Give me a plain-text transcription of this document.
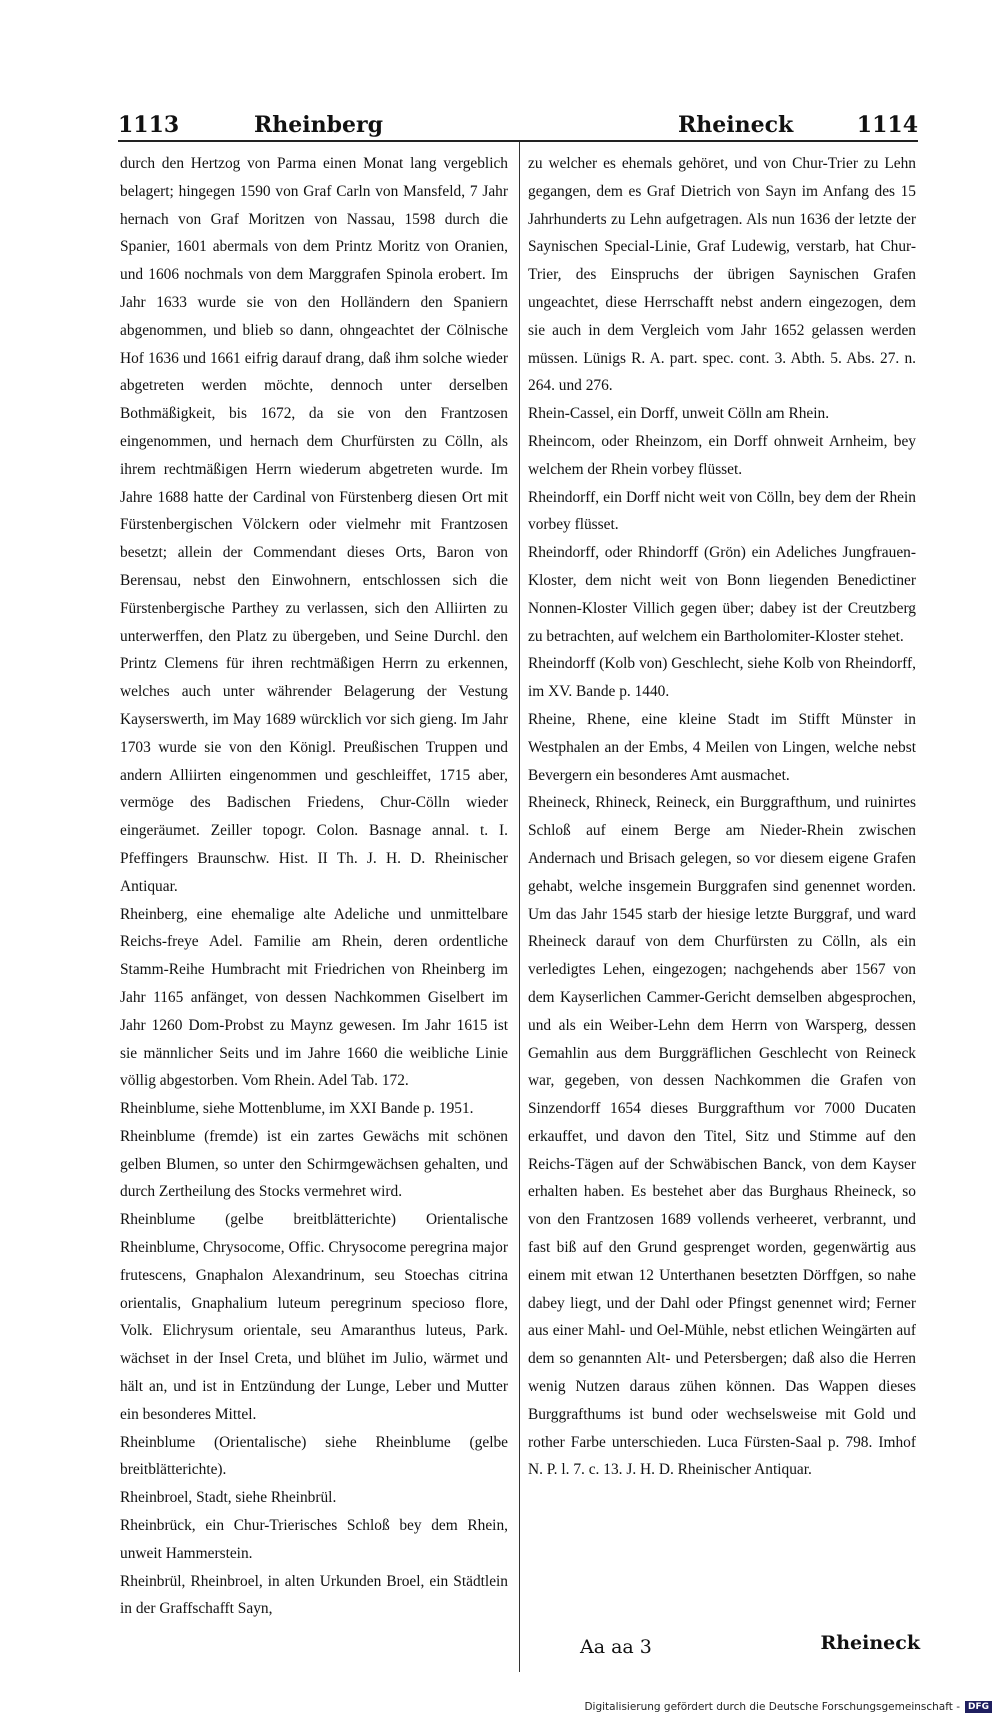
1113	Rheinberg	Rheineck	1114

durch den Hertzog von Parma einen Monat lang vergeblich belagert; hingegen 1590 von Graf Carln von Mansfeld, 7 Jahr hernach von Graf Moritzen von Nassau, 1598 durch die Spanier, 1601 abermals von dem Printz Moritz von Oranien, und 1606 nochmals von dem Marggrafen Spinola erobert. Im Jahr 1633 wurde sie von den Holländern den Spaniern abgenommen, und blieb so dann, ohngeachtet der Cölnische Hof 1636 und 1661 eifrig darauf drang, daß ihm solche wieder abgetreten werden möchte, dennoch unter derselben Bothmäßigkeit, bis 1672, da sie von den Frantzosen eingenommen, und hernach dem Churfürsten zu Cölln, als ihrem rechtmäßigen Herrn wiederum abgetreten wurde. Im Jahre 1688 hatte der Cardinal von Fürstenberg diesen Ort mit Fürstenbergischen Völckern oder vielmehr mit Frantzosen besetzt; allein der Commendant dieses Orts, Baron von Berensau, nebst den Einwohnern, entschlossen sich die Fürstenbergische Parthey zu verlassen, sich den Alliirten zu unterwerffen, den Platz zu übergeben, und Seine Durchl. den Printz Clemens für ihren rechtmäßigen Herrn zu erkennen, welches auch unter währender Belagerung der Vestung Kayserswerth, im May 1689 würcklich vor sich gieng. Im Jahr 1703 wurde sie von den Königl. Preußischen Truppen und andern Alliirten eingenommen und geschleiffet, 1715 aber, vermöge des Badischen Friedens, Chur-Cölln wieder eingeräumet. Zeiller topogr. Colon. Basnage annal. t. I. Pfeffingers Braunschw. Hist. II Th. J. H. D. Rheinischer Antiquar.

Rheinberg, eine ehemalige alte Adeliche und unmittelbare Reichs-freye Adel. Familie am Rhein, deren ordentliche Stamm-Reihe Humbracht mit Friedrichen von Rheinberg im Jahr 1165 anfänget, von dessen Nachkommen Giselbert im Jahr 1260 Dom-Probst zu Maynz gewesen. Im Jahr 1615 ist sie männlicher Seits und im Jahre 1660 die weibliche Linie völlig abgestorben. Vom Rhein. Adel Tab. 172.

Rheinblume, siehe Mottenblume, im XXI Bande p. 1951.

Rheinblume (fremde) ist ein zartes Gewächs mit schönen gelben Blumen, so unter den Schirmgewächsen gehalten, und durch Zertheilung des Stocks vermehret wird.

Rheinblume (gelbe breitblätterichte) Orientalische Rheinblume, Chrysocome, Offic. Chrysocome peregrina major frutescens, Gnaphalon Alexandrinum, seu Stoechas citrina orientalis, Gnaphalium luteum peregrinum specioso flore, Volk. Elichrysum orientale, seu Amaranthus luteus, Park. wächset in der Insel Creta, und blühet im Julio, wärmet und hält an, und ist in Entzündung der Lunge, Leber und Mutter ein besonderes Mittel.

Rheinblume (Orientalische) siehe Rheinblume (gelbe breitblätterichte).

Rheinbroel, Stadt, siehe Rheinbrül.

Rheinbrück, ein Chur-Trierisches Schloß bey dem Rhein, unweit Hammerstein.

Rheinbrül, Rheinbroel, in alten Urkunden Broel, ein Städtlein in der Graffschafft Sayn,

zu welcher es ehemals gehöret, und von Chur-Trier zu Lehn gegangen, dem es Graf Dietrich von Sayn im Anfang des 15 Jahrhunderts zu Lehn aufgetragen. Als nun 1636 der letzte der Saynischen Special-Linie, Graf Ludewig, verstarb, hat Chur-Trier, des Einspruchs der übrigen Saynischen Grafen ungeachtet, diese Herrschafft nebst andern eingezogen, dem sie auch in dem Vergleich vom Jahr 1652 gelassen werden müssen. Lünigs R. A. part. spec. cont. 3. Abth. 5. Abs. 27. n. 264. und 276.

Rhein-Cassel, ein Dorff, unweit Cölln am Rhein.

Rheincom, oder Rheinzom, ein Dorff ohnweit Arnheim, bey welchem der Rhein vorbey flüsset.

Rheindorff, ein Dorff nicht weit von Cölln, bey dem der Rhein vorbey flüsset.

Rheindorff, oder Rhindorff (Grön) ein Adeliches Jungfrauen-Kloster, dem nicht weit von Bonn liegenden Benedictiner Nonnen-Kloster Villich gegen über; dabey ist der Creutzberg zu betrachten, auf welchem ein Bartholomiter-Kloster stehet.

Rheindorff (Kolb von) Geschlecht, siehe Kolb von Rheindorff, im XV. Bande p. 1440.

Rheine, Rhene, eine kleine Stadt im Stifft Münster in Westphalen an der Embs, 4 Meilen von Lingen, welche nebst Bevergern ein besonderes Amt ausmachet.

Rheineck, Rhineck, Reineck, ein Burggrafthum, und ruinirtes Schloß auf einem Berge am Nieder-Rhein zwischen Andernach und Brisach gelegen, so vor diesem eigene Grafen gehabt, welche insgemein Burggrafen sind genennet worden. Um das Jahr 1545 starb der hiesige letzte Burggraf, und ward Rheineck darauf von dem Churfürsten zu Cölln, als ein verledigtes Lehen, eingezogen; nachgehends aber 1567 von dem Kayserlichen Cammer-Gericht demselben abgesprochen, und als ein Weiber-Lehn dem Herrn von Warsperg, dessen Gemahlin aus dem Burggräflichen Geschlecht von Reineck war, gegeben, von dessen Nachkommen die Grafen von Sinzendorff 1654 dieses Burggrafthum vor 7000 Ducaten erkauffet, und davon den Titel, Sitz und Stimme auf den Reichs-Tägen auf der Schwäbischen Banck, von dem Kayser erhalten haben. Es bestehet aber das Burghaus Rheineck, so von den Frantzosen 1689 vollends verheeret, verbrannt, und fast biß auf den Grund gesprenget worden, gegenwärtig aus einem mit etwan 12 Unterthanen besetzten Dörffgen, so nahe dabey liegt, und der Dahl oder Pfingst genennet wird; Ferner aus einer Mahl- und Oel-Mühle, nebst etlichen Weingärten auf dem so genannten Alt- und Petersbergen; daß also die Herren wenig Nutzen daraus zühen können. Das Wappen dieses Burggrafthums ist bund oder wechselsweise mit Gold und rother Farbe unterschieden. Luca Fürsten-Saal p. 798. Imhof N. P. l. 7. c. 13. J. H. D. Rheinischer Antiquar.

Aa aa 3	Rheineck
Digitalisierung gefördert durch die Deutsche Forschungsgemeinschaft - DFG
